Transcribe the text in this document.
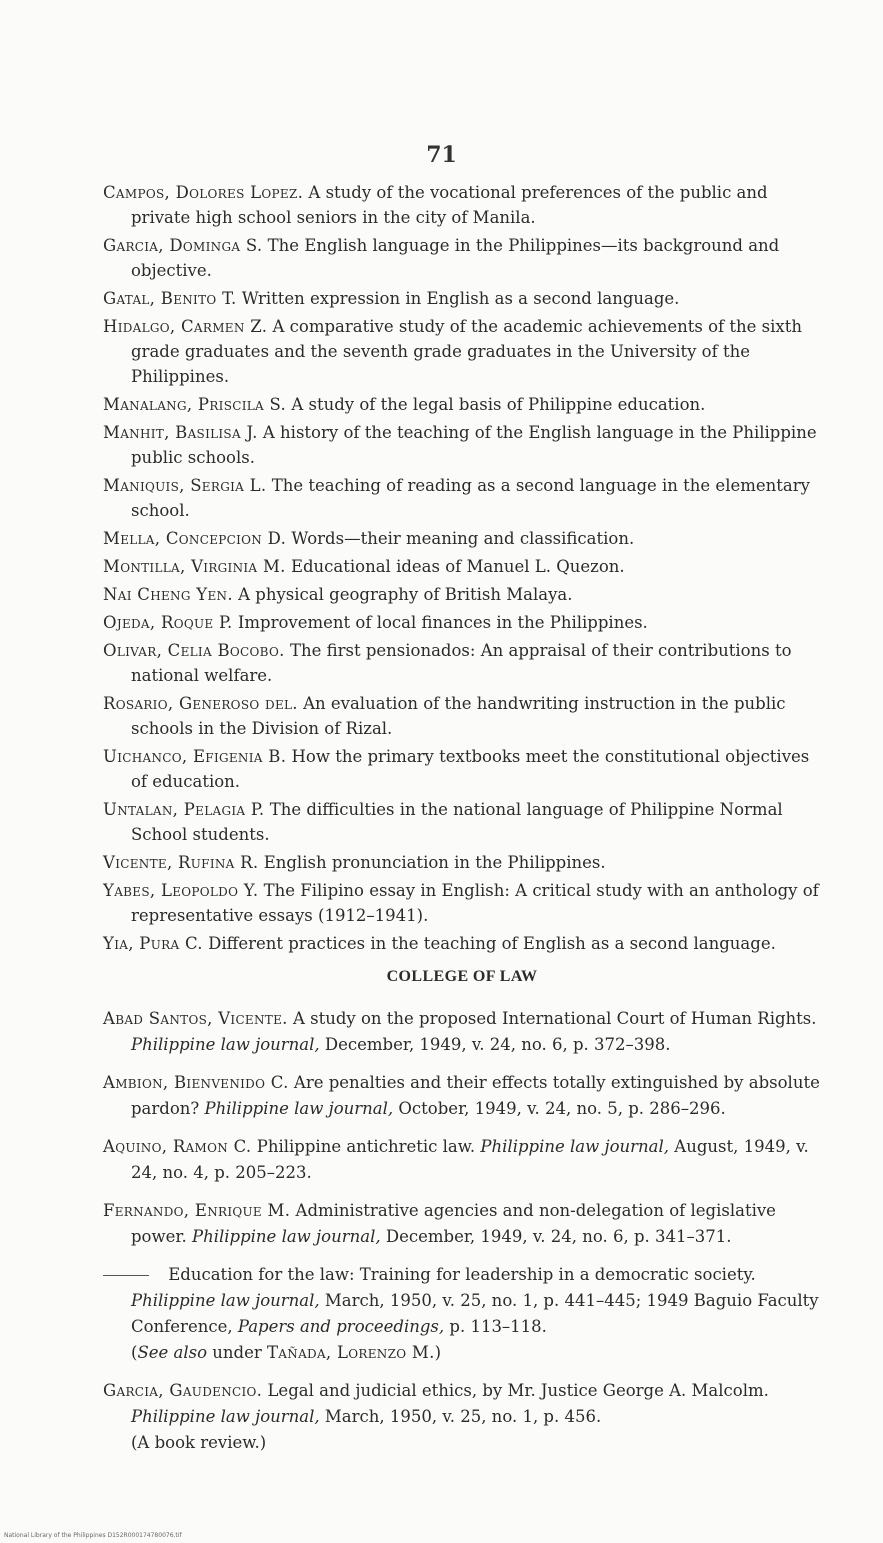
71

Campos, Dolores Lopez. A study of the vocational preferences of the public and private high school seniors in the city of Manila.

Garcia, Dominga S. The English language in the Philippines—its background and objective.

Gatal, Benito T. Written expression in English as a second language.

Hidalgo, Carmen Z. A comparative study of the academic achievements of the sixth grade graduates and the seventh grade graduates in the University of the Philippines.

Manalang, Priscila S. A study of the legal basis of Philippine education.

Manhit, Basilisa J. A history of the teaching of the English language in the Philippine public schools.

Maniquis, Sergia L. The teaching of reading as a second language in the elementary school.

Mella, Concepcion D. Words—their meaning and classification.

Montilla, Virginia M. Educational ideas of Manuel L. Quezon.

Nai Cheng Yen. A physical geography of British Malaya.

Ojeda, Roque P. Improvement of local finances in the Philippines.

Olivar, Celia Bocobo. The first pensionados: An appraisal of their contributions to national welfare.

Rosario, Generoso del. An evaluation of the handwriting instruction in the public schools in the Division of Rizal.

Uichanco, Efigenia B. How the primary textbooks meet the constitutional objectives of education.

Untalan, Pelagia P. The difficulties in the national language of Philippine Normal School students.

Vicente, Rufina R. English pronunciation in the Philippines.

Yabes, Leopoldo Y. The Filipino essay in English: A critical study with an anthology of representative essays (1912–1941).

Yia, Pura C. Different practices in the teaching of English as a second language.

COLLEGE OF LAW

Abad Santos, Vicente. A study on the proposed International Court of Human Rights. Philippine law journal, December, 1949, v. 24, no. 6, p. 372–398.

Ambion, Bienvenido C. Are penalties and their effects totally extinguished by absolute pardon? Philippine law journal, October, 1949, v. 24, no. 5, p. 286–296.

Aquino, Ramon C. Philippine antichretic law. Philippine law journal, August, 1949, v. 24, no. 4, p. 205–223.

Fernando, Enrique M. Administrative agencies and non-delegation of legislative power. Philippine law journal, December, 1949, v. 24, no. 6, p. 341–371.

Education for the law: Training for leadership in a democratic society. Philippine law journal, March, 1950, v. 25, no. 1, p. 441–445; 1949 Baguio Faculty Conference, Papers and proceedings, p. 113–118.
(See also under Tañada, Lorenzo M.)

Garcia, Gaudencio. Legal and judicial ethics, by Mr. Justice George A. Malcolm. Philippine law journal, March, 1950, v. 25, no. 1, p. 456.
(A book review.)

National Library of the Philippines D152R000174780076.tif
